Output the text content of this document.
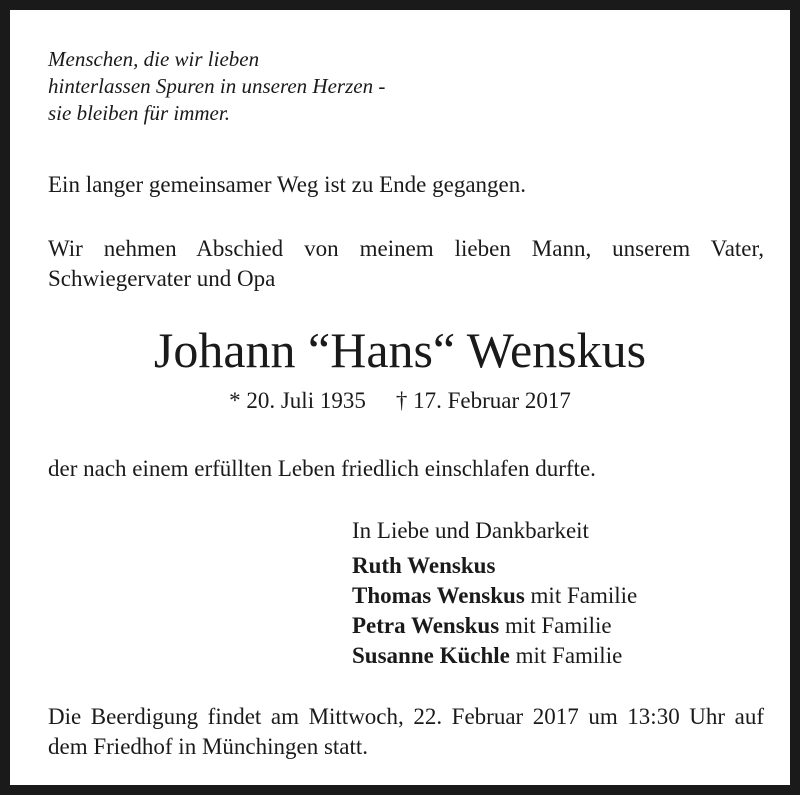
Menschen, die wir lieben
hinterlassen Spuren in unseren Herzen -
sie bleiben für immer.
Ein langer gemeinsamer Weg ist zu Ende gegangen.
Wir nehmen Abschied von meinem lieben Mann, unserem Vater, Schwiegervater und Opa
Johann “Hans“ Wenskus
* 20. Juli 1935 † 17. Februar 2017
der nach einem erfüllten Leben friedlich einschlafen durfte.
In Liebe und Dankbarkeit
Ruth Wenskus
Thomas Wenskus mit Familie
Petra Wenskus mit Familie
Susanne Küchle mit Familie
Die Beerdigung findet am Mittwoch, 22. Februar 2017 um 13:30 Uhr auf dem Friedhof in Münchingen statt.
